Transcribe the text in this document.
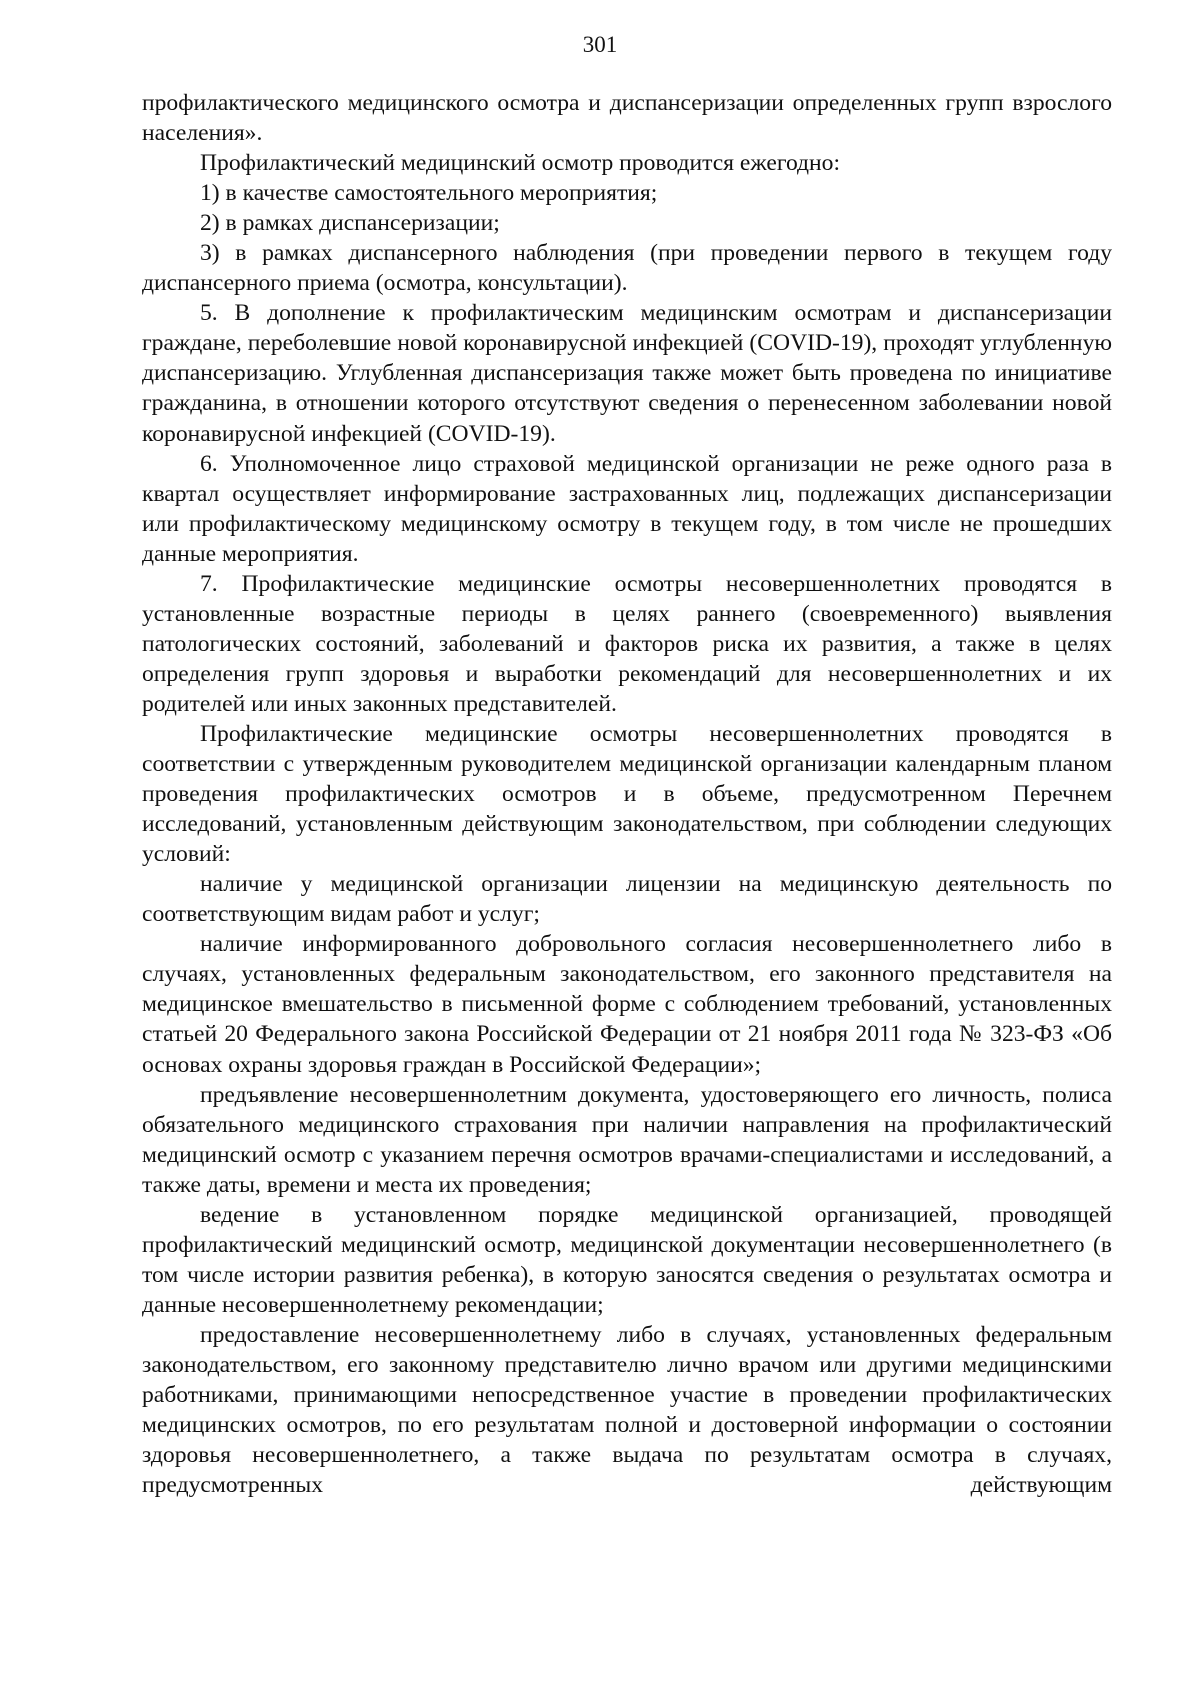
301

профилактического медицинского осмотра и диспансеризации определенных групп взрослого населения».

Профилактический медицинский осмотр проводится ежегодно:

1) в качестве самостоятельного мероприятия;

2) в рамках диспансеризации;

3) в рамках диспансерного наблюдения (при проведении первого в текущем году диспансерного приема (осмотра, консультации).

5. В дополнение к профилактическим медицинским осмотрам и диспансеризации граждане, переболевшие новой коронавирусной инфекцией (COVID-19), проходят углубленную диспансеризацию. Углубленная диспансеризация также может быть проведена по инициативе гражданина, в отношении которого отсутствуют сведения о перенесенном заболевании новой коронавирусной инфекцией (COVID-19).

6. Уполномоченное лицо страховой медицинской организации не реже одного раза в квартал осуществляет информирование застрахованных лиц, подлежащих диспансеризации или профилактическому медицинскому осмотру в текущем году, в том числе не прошедших данные мероприятия.

7. Профилактические медицинские осмотры несовершеннолетних проводятся в установленные возрастные периоды в целях раннего (своевременного) выявления патологических состояний, заболеваний и факторов риска их развития, а также в целях определения групп здоровья и выработки рекомендаций для несовершеннолетних и их родителей или иных законных представителей.

Профилактические медицинские осмотры несовершеннолетних проводятся в соответствии с утвержденным руководителем медицинской организации календарным планом проведения профилактических осмотров и в объеме, предусмотренном Перечнем исследований, установленным действующим законодательством, при соблюдении следующих условий:

наличие у медицинской организации лицензии на медицинскую деятельность по соответствующим видам работ и услуг;

наличие информированного добровольного согласия несовершеннолетнего либо в случаях, установленных федеральным законодательством, его законного представителя на медицинское вмешательство в письменной форме с соблюдением требований, установленных статьей 20 Федерального закона Российской Федерации от 21 ноября 2011 года № 323-ФЗ «Об основах охраны здоровья граждан в Российской Федерации»;

предъявление несовершеннолетним документа, удостоверяющего его личность, полиса обязательного медицинского страхования при наличии направления на профилактический медицинский осмотр с указанием перечня осмотров врачами-специалистами и исследований, а также даты, времени и места их проведения;

ведение в установленном порядке медицинской организацией, проводящей профилактический медицинский осмотр, медицинской документации несовершеннолетнего (в том числе истории развития ребенка), в которую заносятся сведения о результатах осмотра и данные несовершеннолетнему рекомендации;

предоставление несовершеннолетнему либо в случаях, установленных федеральным законодательством, его законному представителю лично врачом или другими медицинскими работниками, принимающими непосредственное участие в проведении профилактических медицинских осмотров, по его результатам полной и достоверной информации о состоянии здоровья несовершеннолетнего, а также выдача по результатам осмотра в случаях, предусмотренных действующим
